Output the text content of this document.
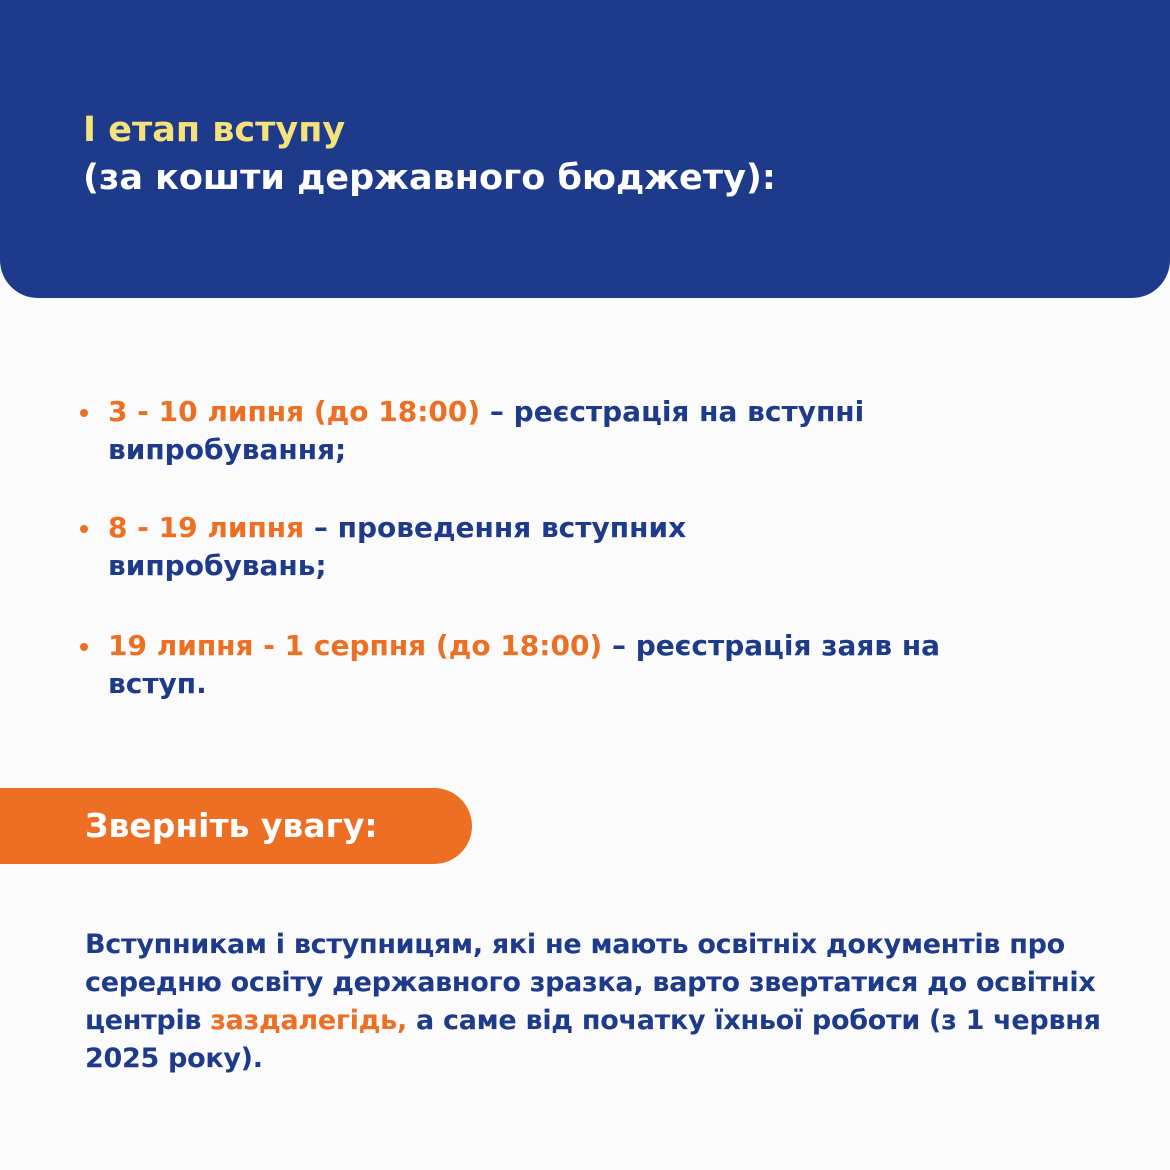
І етап вступу
(за кошти державного бюджету):
3 - 10 липня (до 18:00) – реєстрація на вступні випробування;
8 - 19 липня – проведення вступних випробувань;
19 липня - 1 серпня (до 18:00) – реєстрація заяв на вступ.
Зверніть увагу:
Вступникам і вступницям, які не мають освітніх документів про середню освіту державного зразка, варто звертатися до освітніх центрів заздалегідь, а саме від початку їхньої роботи (з 1 червня 2025 року).
